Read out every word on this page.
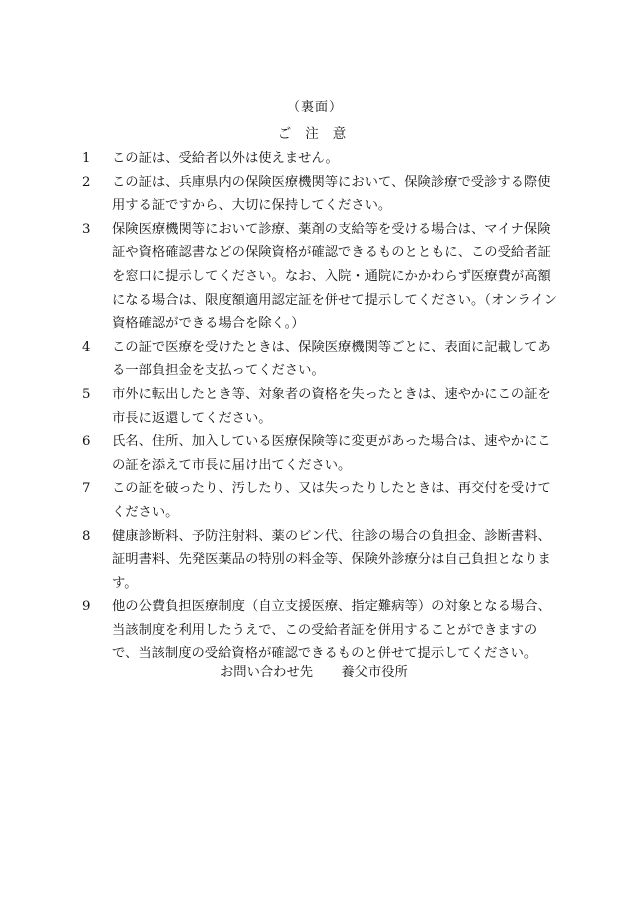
（裏面）
ご注意
1	この証は、受給者以外は使えません。
2	この証は、兵庫県内の保険医療機関等において、保険診療で受診する際使用する証ですから、大切に保持してください。
3	保険医療機関等において診療、薬剤の支給等を受ける場合は、マイナ保険証や資格確認書などの保険資格が確認できるものとともに、この受給者証を窓口に提示してください。なお、入院・通院にかかわらず医療費が高額になる場合は、限度額適用認定証を併せて提示してください。（オンライン資格確認ができる場合を除く。）
4	この証で医療を受けたときは、保険医療機関等ごとに、表面に記載してある一部負担金を支払ってください。
5	市外に転出したとき等、対象者の資格を失ったときは、速やかにこの証を市長に返還してください。
6	氏名、住所、加入している医療保険等に変更があった場合は、速やかにこの証を添えて市長に届け出てください。
7	この証を破ったり、汚したり、又は失ったりしたときは、再交付を受けてください。
8	健康診断料、予防注射料、薬のビン代、往診の場合の負担金、診断書料、証明書料、先発医薬品の特別の料金等、保険外診療分は自己負担となります。
9	他の公費負担医療制度（自立支援医療、指定難病等）の対象となる場合、当該制度を利用したうえで、この受給者証を併用することができますので、当該制度の受給資格が確認できるものと併せて提示してください。
お問い合わせ先 養父市役所
